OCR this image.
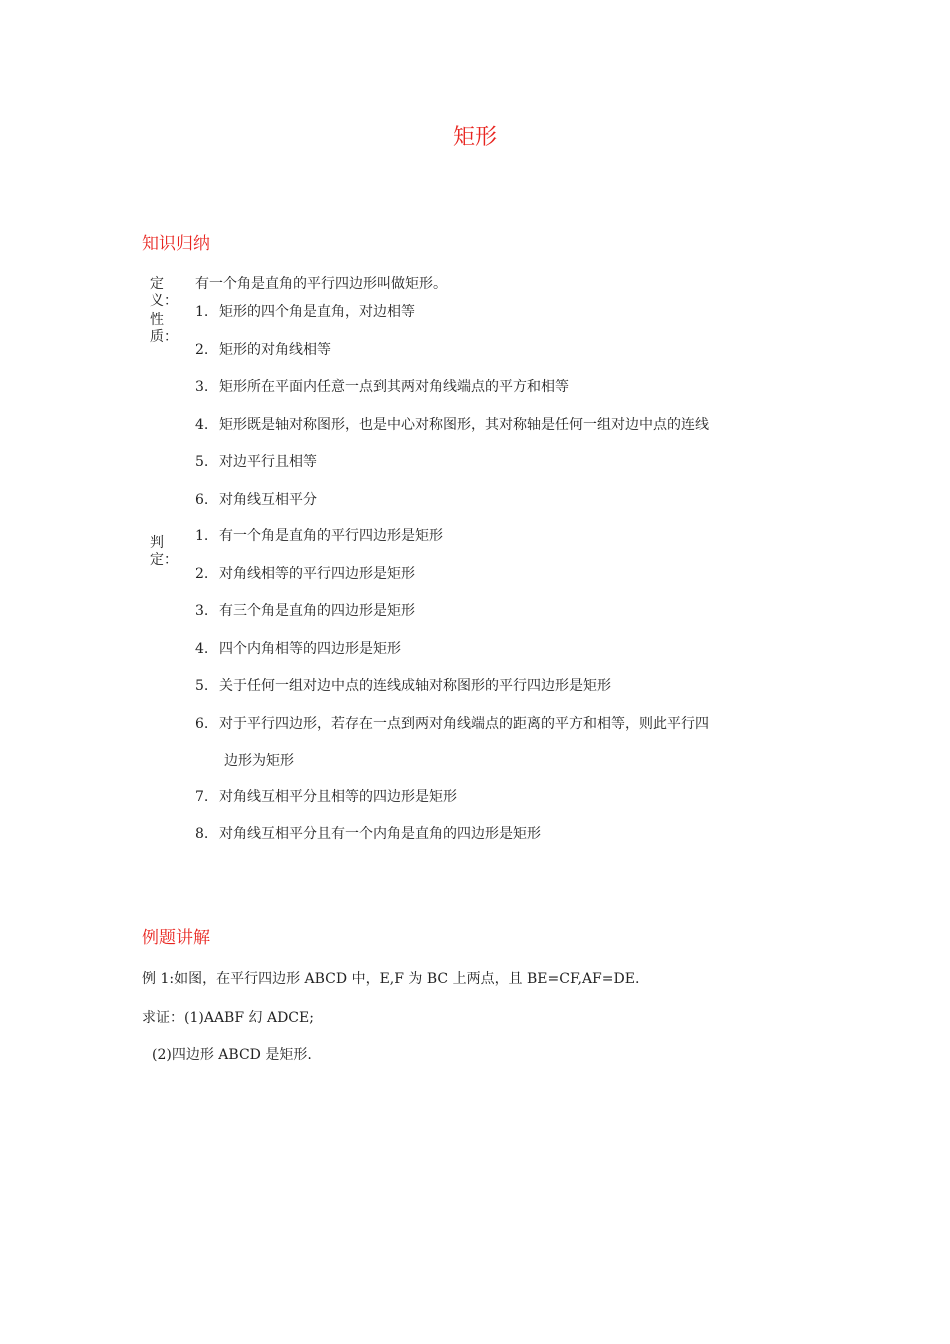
矩形
知识归纳
定义：
有一个角是直角的平行四边形叫做矩形。
性质：
1. 矩形的四个角是直角，对边相等
2. 矩形的对角线相等
3. 矩形所在平面内任意一点到其两对角线端点的平方和相等
4. 矩形既是轴对称图形，也是中心对称图形，其对称轴是任何一组对边中点的连线
5. 对边平行且相等
6. 对角线互相平分
判定：
1. 有一个角是直角的平行四边形是矩形
2. 对角线相等的平行四边形是矩形
3. 有三个角是直角的四边形是矩形
4. 四个内角相等的四边形是矩形
5. 关于任何一组对边中点的连线成轴对称图形的平行四边形是矩形
6. 对于平行四边形，若存在一点到两对角线端点的距离的平方和相等，则此平行四
边形为矩形
7. 对角线互相平分且相等的四边形是矩形
8. 对角线互相平分且有一个内角是直角的四边形是矩形
例题讲解
例 1:如图，在平行四边形 ABCD 中，E,F 为 BC 上两点，且 BE=CF,AF=DE.
求证：(1)AABF 幻 ADCE;
(2)四边形 ABCD 是矩形.
